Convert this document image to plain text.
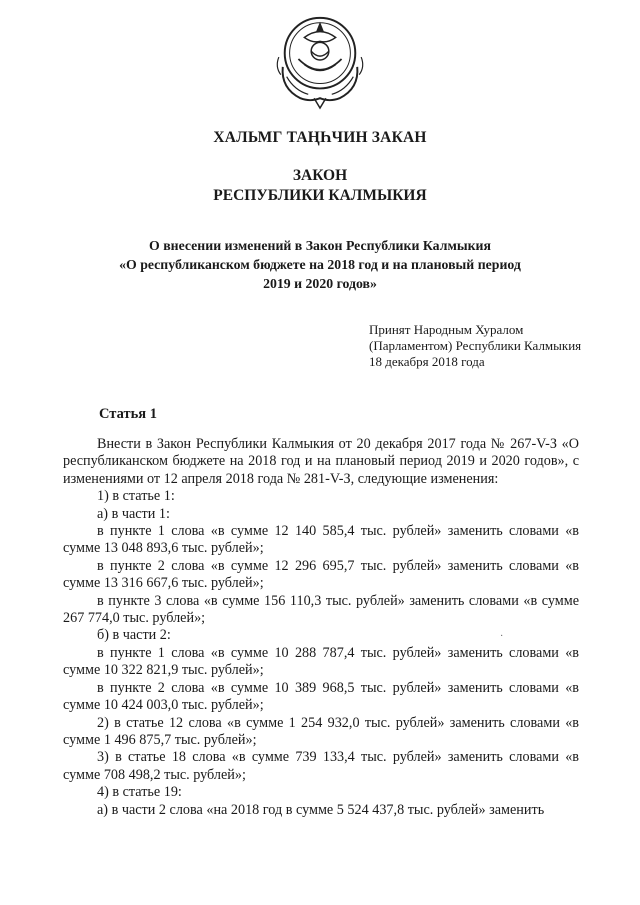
ХАЛЬМГ ТАҢҺЧИН ЗАКАН
ЗАКОН
РЕСПУБЛИКИ КАЛМЫКИЯ
О внесении изменений в Закон Республики Калмыкия
«О республиканском бюджете на 2018 год и на плановый период
2019 и 2020 годов»
Принят Народным Хуралом
(Парламентом) Республики Калмыкия
18 декабря 2018 года
Статья 1
·

Внести в Закон Республики Калмыкия от 20 декабря 2017 года № 267-V-З «О республиканском бюджете на 2018 год и на плановый период 2019 и 2020 годов», с изменениями от 12 апреля 2018 года № 281-V-З, следующие изменения:

1) в статье 1:

а) в части 1:

в пункте 1 слова «в сумме 12 140 585,4 тыс. рублей» заменить словами «в сумме 13 048 893,6 тыс. рублей»;

в пункте 2 слова «в сумме 12 296 695,7 тыс. рублей» заменить словами «в сумме 13 316 667,6 тыс. рублей»;

в пункте 3 слова «в сумме 156 110,3 тыс. рублей» заменить словами «в сумме 267 774,0 тыс. рублей»;

б) в части 2:

в пункте 1 слова «в сумме 10 288 787,4 тыс. рублей» заменить словами «в сумме 10 322 821,9 тыс. рублей»;

в пункте 2 слова «в сумме 10 389 968,5 тыс. рублей» заменить словами «в сумме 10 424 003,0 тыс. рублей»;

2) в статье 12 слова «в сумме 1 254 932,0 тыс. рублей» заменить словами «в сумме 1 496 875,7 тыс. рублей»;

3) в статье 18 слова «в сумме 739 133,4 тыс. рублей» заменить словами «в сумме 708 498,2 тыс. рублей»;

4) в статье 19:

а) в части 2 слова «на 2018 год в сумме 5 524 437,8 тыс. рублей» заменить
